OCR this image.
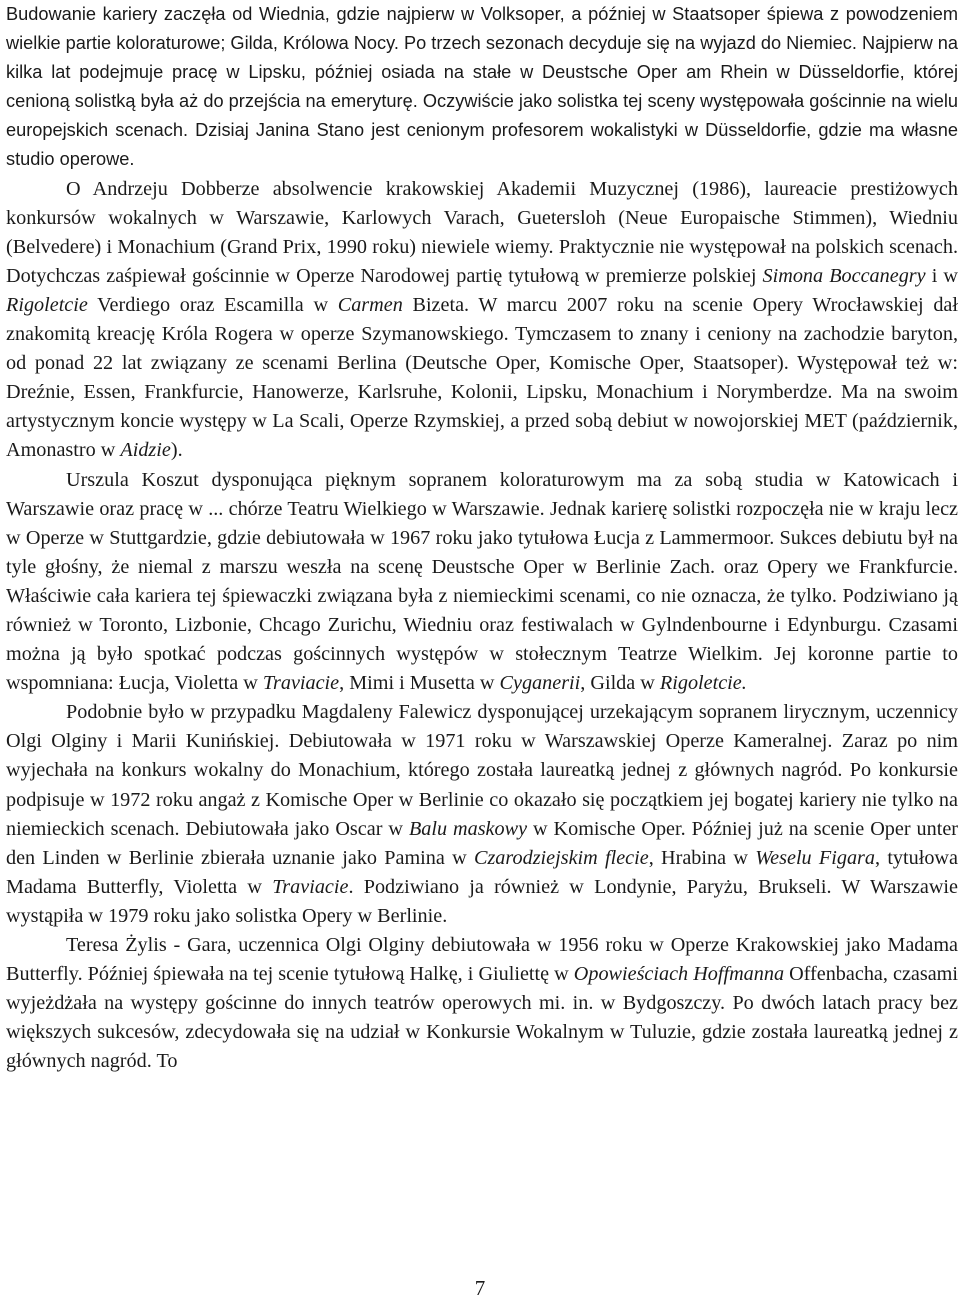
Budowanie kariery zaczęła od Wiednia, gdzie najpierw w Volksoper, a później w Staatsoper śpiewa z powodzeniem wielkie partie koloraturowe; Gilda, Królowa Nocy. Po trzech sezonach decyduje się na wyjazd do Niemiec. Najpierw na kilka lat podejmuje pracę w Lipsku, później osiada na stałe w Deustsche Oper am Rhein w Düsseldorfie, której cenioną solistką była aż do przejścia na emeryturę. Oczywiście jako solistka tej sceny występowała gościnnie na wielu europejskich scenach. Dzisiaj Janina Stano jest cenionym profesorem wokalistyki w Düsseldorfie, gdzie ma własne studio operowe.

O Andrzeju Dobberze absolwencie krakowskiej Akademii Muzycznej (1986), laureacie prestiżowych konkursów wokalnych w Warszawie, Karlowych Varach, Guetersloh (Neue Europaische Stimmen), Wiedniu (Belvedere) i Monachium (Grand Prix, 1990 roku) niewiele wiemy. Praktycznie nie występował na polskich scenach. Dotychczas zaśpiewał gościnnie w Operze Narodowej partię tytułową w premierze polskiej Simona Boccanegry i w Rigoletcie Verdiego oraz Escamilla w Carmen Bizeta. W marcu 2007 roku na scenie Opery Wrocławskiej dał znakomitą kreację Króla Rogera w operze Szymanowskiego. Tymczasem to znany i ceniony na zachodzie baryton, od ponad 22 lat związany ze scenami Berlina (Deutsche Oper, Komische Oper, Staatsoper). Występował też w: Dreźnie, Essen, Frankfurcie, Hanowerze, Karlsruhe, Kolonii, Lipsku, Monachium i Norymberdze. Ma na swoim artystycznym koncie występy w La Scali, Operze Rzymskiej, a przed sobą debiut w nowojorskiej MET (październik, Amonastro w Aidzie).

Urszula Koszut dysponująca pięknym sopranem koloraturowym ma za sobą studia w Katowicach i Warszawie oraz pracę w ... chórze Teatru Wielkiego w Warszawie. Jednak karierę solistki rozpoczęła nie w kraju lecz w Operze w Stuttgardzie, gdzie debiutowała w 1967 roku jako tytułowa Łucja z Lammermoor. Sukces debiutu był na tyle głośny, że niemal z marszu weszła na scenę Deustsche Oper w Berlinie Zach. oraz Opery we Frankfurcie. Właściwie cała kariera tej śpiewaczki związana była z niemieckimi scenami, co nie oznacza, że tylko. Podziwiano ją również w Toronto, Lizbonie, Chcago Zurichu, Wiedniu oraz festiwalach w Gylndenbourne i Edynburgu. Czasami można ją było spotkać podczas gościnnych występów w stołecznym Teatrze Wielkim. Jej koronne partie to wspomniana: Łucja, Violetta w Traviacie, Mimi i Musetta w Cyganerii, Gilda w Rigoletcie.

Podobnie było w przypadku Magdaleny Falewicz dysponującej urzekającym sopranem lirycznym, uczennicy Olgi Olginy i Marii Kunińskiej. Debiutowała w 1971 roku w Warszawskiej Operze Kameralnej. Zaraz po nim wyjechała na konkurs wokalny do Monachium, którego została laureatką jednej z głównych nagród. Po konkursie podpisuje w 1972 roku angaż z Komische Oper w Berlinie co okazało się początkiem jej bogatej kariery nie tylko na niemieckich scenach. Debiutowała jako Oscar w Balu maskowy w Komische Oper. Później już na scenie Oper unter den Linden w Berlinie zbierała uznanie jako Pamina w Czarodziejskim flecie, Hrabina w Weselu Figara, tytułowa Madama Butterfly, Violetta w Traviacie. Podziwiano ja również w Londynie, Paryżu, Brukseli. W Warszawie wystąpiła w 1979 roku jako solistka Opery w Berlinie.

Teresa Żylis - Gara, uczennica Olgi Olginy debiutowała w 1956 roku w Operze Krakowskiej jako Madama Butterfly. Później śpiewała na tej scenie tytułową Halkę, i Giuliettę w Opowieściach Hoffmanna Offenbacha, czasami wyjeżdżała na występy gościnne do innych teatrów operowych mi. in. w Bydgoszczy. Po dwóch latach pracy bez większych sukcesów, zdecydowała się na udział w Konkursie Wokalnym w Tuluzie, gdzie została laureatką jednej z głównych nagród. To

7
